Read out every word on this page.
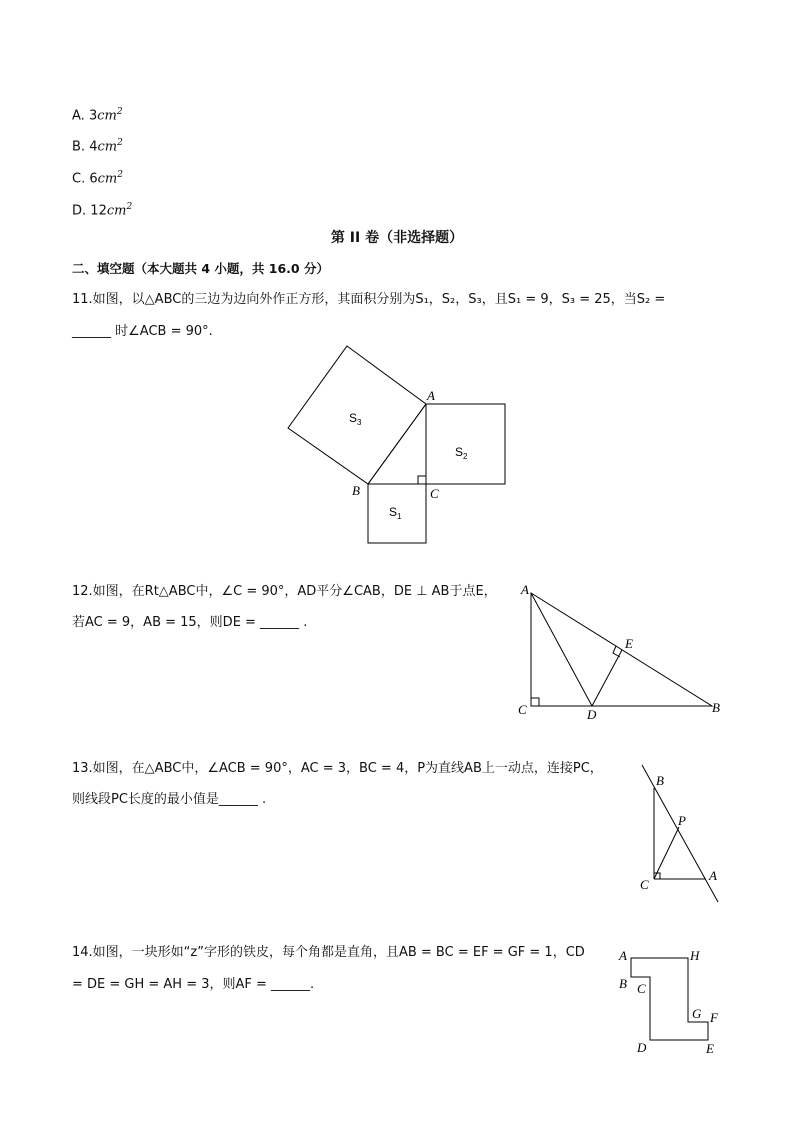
A. $3cm^2$
B. $4cm^2$
C. $6cm^2$
D. $12cm^2$
第 II 卷（非选择题）
二、填空题（本大题共 4 小题，共 16.0 分）
11.如图，以△ABC的三边为边向外作正方形，其面积分别为S₁，S₂，S₃，且S₁ = 9，S₃ = 25，当S₂ =
______ 时∠ACB = 90°.
A
B	C
$S_3$
$S_2$
$S_1$
A
C	D
E
B
B
P
C
A
A	H
B C
G F
D	E
12.如图，在Rt△ABC中，∠C = 90°，AD平分∠CAB，DE ⊥ AB于点E，
若AC = 9，AB = 15，则DE = ______ .
13.如图，在△ABC中，∠ACB = 90°，AC = 3，BC = 4，P为直线AB上一动点，连接PC，
则线段PC长度的最小值是______ .
14.如图，一块形如“z”字形的铁皮，每个角都是直角，且AB = BC = EF = GF = 1，CD
= DE = GH = AH = 3，则AF = ______.
